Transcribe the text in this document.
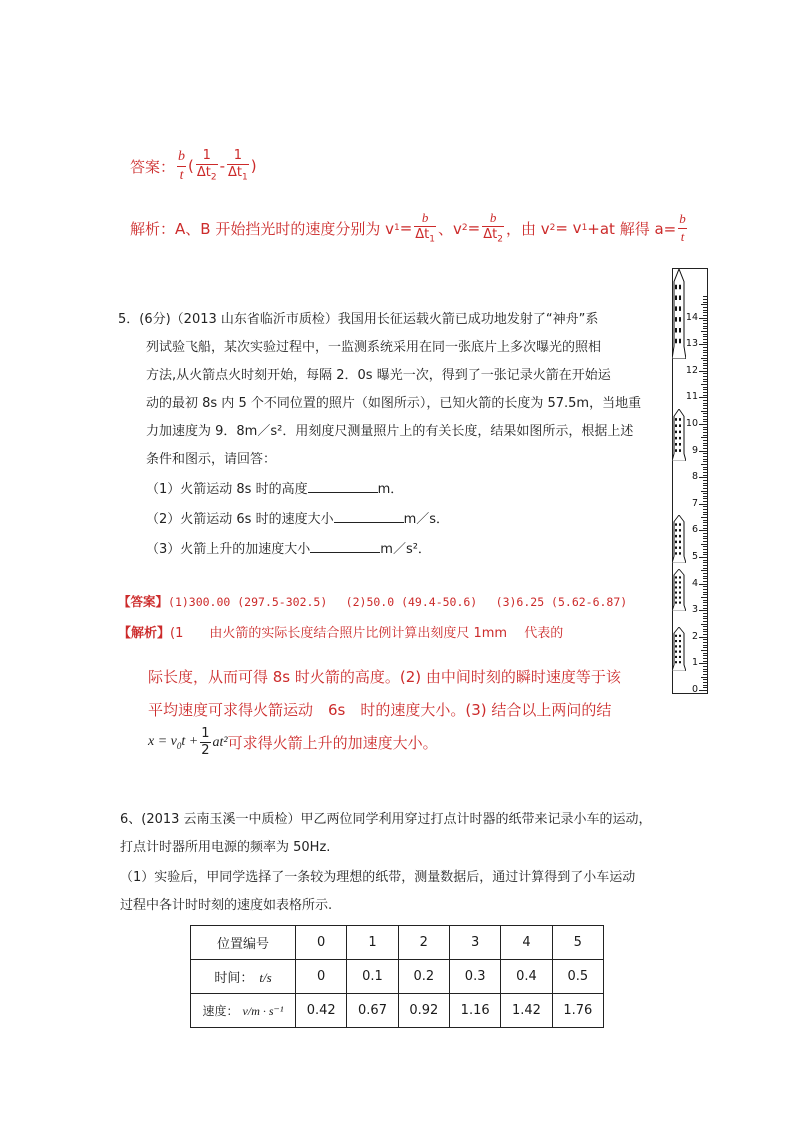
答案： $\frac{b}{t}$ ( $\frac{1}{\Delta t_2} - \frac{1}{\Delta t_1}$ )
解析：A、B 开始挡光时的速度分别为 v $1 = \frac{b}{\Delta t_1}$ 、v $2 = \frac{b}{\Delta t_2}$ ，由 v 2 = v 1 +at 解得 $a= \frac{b}{t}$
5．(6分)（2013 山东省临沂市质检）我国用长征运载火箭已成功地发射了“神舟”系
列试验飞船，某次实验过程中，一监测系统采用在同一张底片上多次曝光的照相
方法,从火箭点火时刻开始，每隔 2．0s 曝光一次，得到了一张记录火箭在开始运
动的最初 8s 内 5 个不同位置的照片（如图所示），已知火箭的长度为 57.5m，当地重
力加速度为 9．8m／s²．用刻度尺测量照片上的有关长度，结果如图所示，根据上述
条件和图示，请回答：
（1）火箭运动 8s 时的高度	m．
（2）火箭运动 6s 时的速度大小	m／s．
（3）火箭上升的加速度大小	m／s²．
【答案】(1)300.00 (297.5-302.5)　 (2)50.0 (49.4-50.6)　 (3)6.25 (5.62-6.87)
【解析】(1　　由火箭的实际长度结合照片比例计算出刻度尺 1mm　 代表的
际长度，从而可得 8s 时火箭的高度。(2) 由中间时刻的瞬时速度等于该
平均速度可求得火箭运动　6s　时的速度大小。(3) 结合以上两问的结
$x = v_0t + \frac{1}{2} at^2$ 可求得火箭上升的加速度大小。
0
1
2
3
4
5
6
7
8
9
10
11
12
13
14
6、(2013 云南玉溪一中质检）甲乙两位同学利用穿过打点计时器的纸带来记录小车的运动，
打点计时器所用电源的频率为 50Hz.
（1）实验后，甲同学选择了一条较为理想的纸带，测量数据后，通过计算得到了小车运动
过程中各计时时刻的速度如表格所示.
位置编号	0	1	2	3	4	5
时间： t/s	0	0.1	0.2	0.3	0.4	0.5
速度： v/m · s⁻¹	0.42	0.67	0.92	1.16	1.42	1.76
